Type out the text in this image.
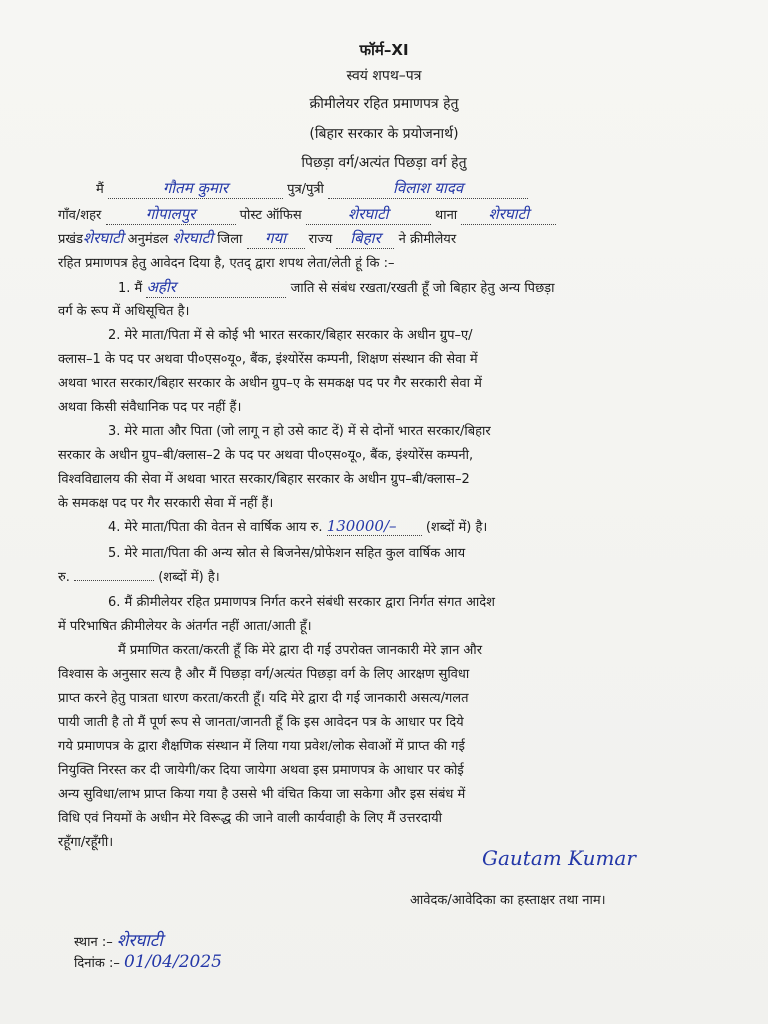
फॉर्म–XI
स्वयं शपथ–पत्र
क्रीमीलेयर रहित प्रमाणपत्र हेतु
(बिहार सरकार के प्रयोजनार्थ)
पिछड़ा वर्ग/अत्यंत पिछड़ा वर्ग हेतु
मैं	गौतम कुमार	पुत्र/पुत्री	विलाश यादव
गाँव/शहर	गोपालपुर	पोस्ट ऑफिस	शेरघाटी	थाना शेरघाटी
प्रखंडशेरघाटी अनुमंडल शेरघाटी जिला गया राज्य बिहार ने क्रीमीलेयर
रहित प्रमाणपत्र हेतु आवेदन दिया है, एतद् द्वारा शपथ लेता/लेती हूं कि :–
1. मैं अहीर	जाति से संबंध रखता/रखती हूँ जो बिहार हेतु अन्य पिछड़ा
वर्ग के रूप में अधिसूचित है।
2. मेरे माता/पिता में से कोई भी भारत सरकार/बिहार सरकार के अधीन ग्रुप–ए/
क्लास–1 के पद पर अथवा पी०एस०यू०, बैंक, इंश्योरेंस कम्पनी, शिक्षण संस्थान की सेवा में
अथवा भारत सरकार/बिहार सरकार के अधीन ग्रुप–ए के समकक्ष पद पर गैर सरकारी सेवा में
अथवा किसी संवैधानिक पद पर नहीं हैं।
3. मेरे माता और पिता (जो लागू न हो उसे काट दें) में से दोनों भारत सरकार/बिहार
सरकार के अधीन ग्रुप–बी/क्लास–2 के पद पर अथवा पी०एस०यू०, बैंक, इंश्योरेंस कम्पनी,
विश्वविद्यालय की सेवा में अथवा भारत सरकार/बिहार सरकार के अधीन ग्रुप–बी/क्लास–2
के समकक्ष पद पर गैर सरकारी सेवा में नहीं हैं।
4. मेरे माता/पिता की वेतन से वार्षिक आय रु. 130000/– (शब्दों में) है।
5. मेरे माता/पिता की अन्य स्रोत से बिजनेस/प्रोफेशन सहित कुल वार्षिक आय
रु.	(शब्दों में) है।
6. मैं क्रीमीलेयर रहित प्रमाणपत्र निर्गत करने संबंधी सरकार द्वारा निर्गत संगत आदेश
में परिभाषित क्रीमीलेयर के अंतर्गत नहीं आता/आती हूँ।
मैं प्रमाणित करता/करती हूँ कि मेरे द्वारा दी गई उपरोक्त जानकारी मेरे ज्ञान और
विश्वास के अनुसार सत्य है और मैं पिछड़ा वर्ग/अत्यंत पिछड़ा वर्ग के लिए आरक्षण सुविधा
प्राप्त करने हेतु पात्रता धारण करता/करती हूँ। यदि मेरे द्वारा दी गई जानकारी असत्य/गलत
पायी जाती है तो मैं पूर्ण रूप से जानता/जानती हूँ कि इस आवेदन पत्र के आधार पर दिये
गये प्रमाणपत्र के द्वारा शैक्षणिक संस्थान में लिया गया प्रवेश/लोक सेवाओं में प्राप्त की गई
नियुक्ति निरस्त कर दी जायेगी/कर दिया जायेगा अथवा इस प्रमाणपत्र के आधार पर कोई
अन्य सुविधा/लाभ प्राप्त किया गया है उससे भी वंचित किया जा सकेगा और इस संबंध में
विधि एवं नियमों के अधीन मेरे विरूद्ध की जाने वाली कार्यवाही के लिए मैं उत्तरदायी
रहूँगा/रहूँगी।
Gautam Kumar
आवेदक/आवेदिका का हस्ताक्षर तथा नाम।
स्थान :– शेरघाटी
दिनांक :– 01/04/2025
